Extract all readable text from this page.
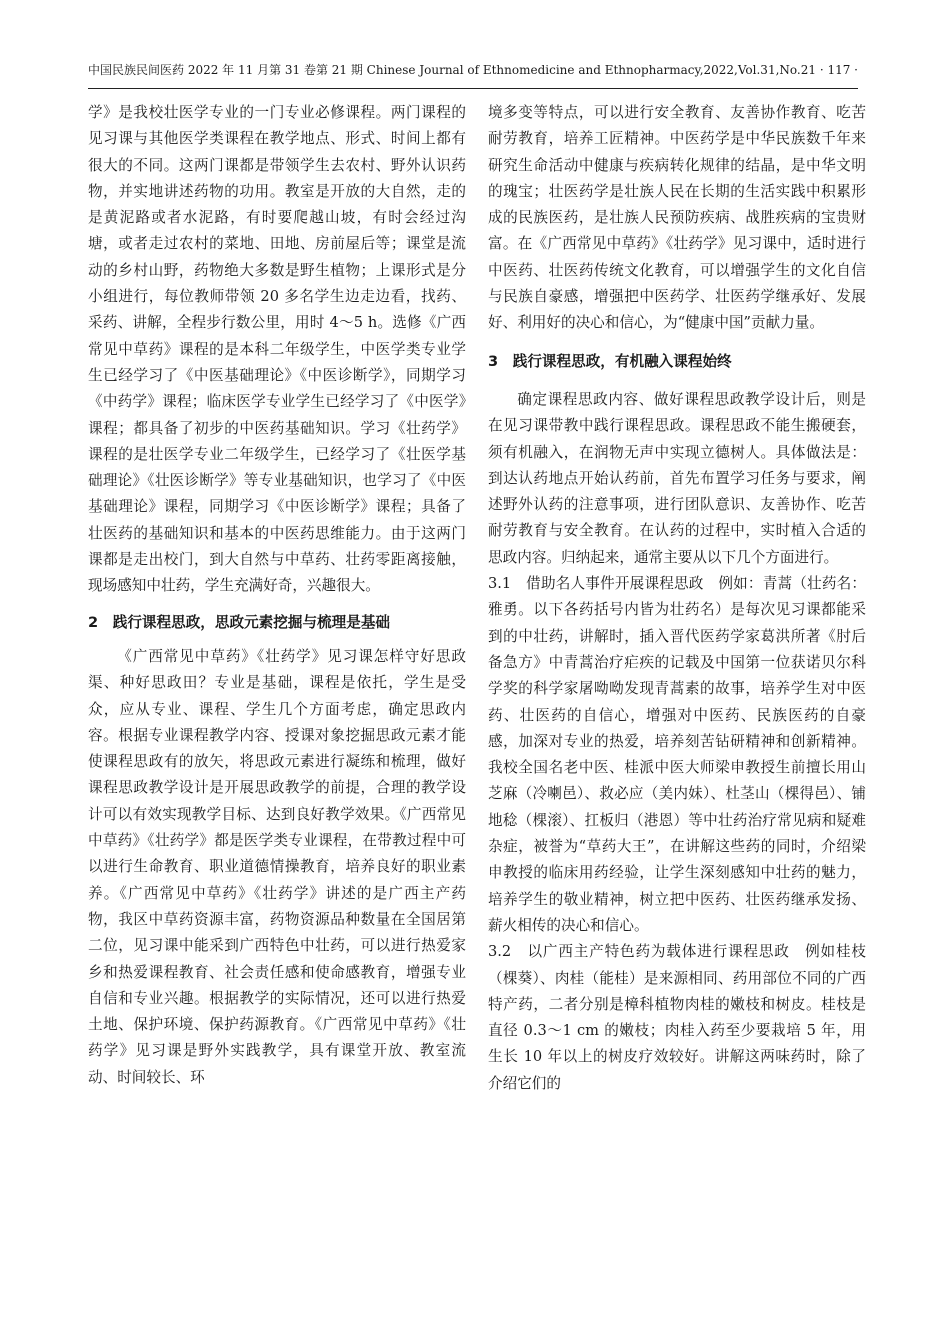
中国民族民间医药 2022 年 11 月第 31 卷第 21 期 Chinese Journal of Ethnomedicine and Ethnopharmacy,2022,Vol.31,No.21 · 117 ·

学》是我校壮医学专业的一门专业必修课程。两门课程的见习课与其他医学类课程在教学地点、形式、时间上都有很大的不同。这两门课都是带领学生去农村、野外认识药物，并实地讲述药物的功用。教室是开放的大自然，走的是黄泥路或者水泥路，有时要爬越山坡，有时会经过沟塘，或者走过农村的菜地、田地、房前屋后等；课堂是流动的乡村山野，药物绝大多数是野生植物；上课形式是分小组进行，每位教师带领 20 多名学生边走边看，找药、采药、讲解，全程步行数公里，用时 4～5 h。选修《广西常见中草药》课程的是本科二年级学生，中医学类专业学生已经学习了《中医基础理论》《中医诊断学》，同期学习《中药学》课程；临床医学专业学生已经学习了《中医学》课程；都具备了初步的中医药基础知识。学习《壮药学》课程的是壮医学专业二年级学生，已经学习了《壮医学基础理论》《壮医诊断学》等专业基础知识，也学习了《中医基础理论》课程，同期学习《中医诊断学》课程；具备了壮医药的基础知识和基本的中医药思维能力。由于这两门课都是走出校门，到大自然与中草药、壮药零距离接触，现场感知中壮药，学生充满好奇，兴趣很大。

2　践行课程思政，思政元素挖掘与梳理是基础

《广西常见中草药》《壮药学》见习课怎样守好思政渠、种好思政田？专业是基础，课程是依托，学生是受众，应从专业、课程、学生几个方面考虑，确定思政内容。根据专业课程教学内容、授课对象挖掘思政元素才能使课程思政有的放矢，将思政元素进行凝练和梳理，做好课程思政教学设计是开展思政教学的前提，合理的教学设计可以有效实现教学目标、达到良好教学效果。《广西常见中草药》《壮药学》都是医学类专业课程，在带教过程中可以进行生命教育、职业道德情操教育，培养良好的职业素养。《广西常见中草药》《壮药学》讲述的是广西主产药物，我区中草药资源丰富，药物资源品种数量在全国居第二位，见习课中能采到广西特色中壮药，可以进行热爱家乡和热爱课程教育、社会责任感和使命感教育，增强专业自信和专业兴趣。根据教学的实际情况，还可以进行热爱土地、保护环境、保护药源教育。《广西常见中草药》《壮药学》见习课是野外实践教学，具有课堂开放、教室流动、时间较长、环

境多变等特点，可以进行安全教育、友善协作教育、吃苦耐劳教育，培养工匠精神。中医药学是中华民族数千年来研究生命活动中健康与疾病转化规律的结晶，是中华文明的瑰宝；壮医药学是壮族人民在长期的生活实践中积累形成的民族医药，是壮族人民预防疾病、战胜疾病的宝贵财富。在《广西常见中草药》《壮药学》见习课中，适时进行中医药、壮医药传统文化教育，可以增强学生的文化自信与民族自豪感，增强把中医药学、壮医药学继承好、发展好、利用好的决心和信心，为“健康中国”贡献力量。

3　践行课程思政，有机融入课程始终

确定课程思政内容、做好课程思政教学设计后，则是在见习课带教中践行课程思政。课程思政不能生搬硬套，须有机融入，在润物无声中实现立德树人。具体做法是：到达认药地点开始认药前，首先布置学习任务与要求，阐述野外认药的注意事项，进行团队意识、友善协作、吃苦耐劳教育与安全教育。在认药的过程中，实时植入合适的思政内容。归纳起来，通常主要从以下几个方面进行。

3.1　借助名人事件开展课程思政　例如：青蒿（壮药名：雅勇。以下各药括号内皆为壮药名）是每次见习课都能采到的中壮药，讲解时，插入晋代医药学家葛洪所著《肘后备急方》中青蒿治疗疟疾的记载及中国第一位获诺贝尔科学奖的科学家屠呦呦发现青蒿素的故事，培养学生对中医药、壮医药的自信心，增强对中医药、民族医药的自豪感，加深对专业的热爱，培养刻苦钻研精神和创新精神。我校全国名老中医、桂派中医大师梁申教授生前擅长用山芝麻（冷喇邑）、救必应（美内妹）、杜茎山（棵得邑）、铺地稔（棵滚）、扛板归（港恩）等中壮药治疗常见病和疑难杂症，被誉为“草药大王”，在讲解这些药的同时，介绍梁申教授的临床用药经验，让学生深刻感知中壮药的魅力，培养学生的敬业精神，树立把中医药、壮医药继承发扬、薪火相传的决心和信心。

3.2　以广西主产特色药为载体进行课程思政　例如桂枝（棵葵）、肉桂（能桂）是来源相同、药用部位不同的广西特产药，二者分别是樟科植物肉桂的嫩枝和树皮。桂枝是直径 0.3～1 cm 的嫩枝；肉桂入药至少要栽培 5 年，用生长 10 年以上的树皮疗效较好。讲解这两味药时，除了介绍它们的
